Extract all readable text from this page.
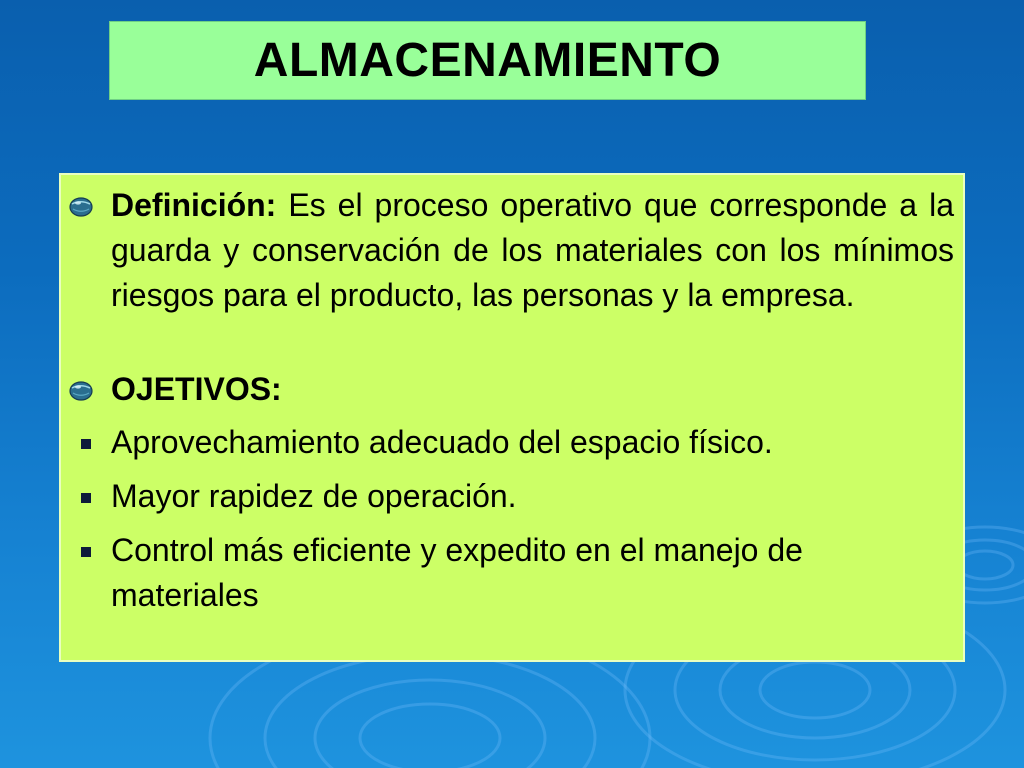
ALMACENAMIENTO
Definición: Es el proceso operativo que corresponde a la guarda y conservación de los materiales con los mínimos riesgos para el producto, las personas y la empresa.
OJETIVOS:
Aprovechamiento adecuado del espacio físico.
Mayor rapidez de operación.
Control más eficiente y expedito en el manejo de materiales
